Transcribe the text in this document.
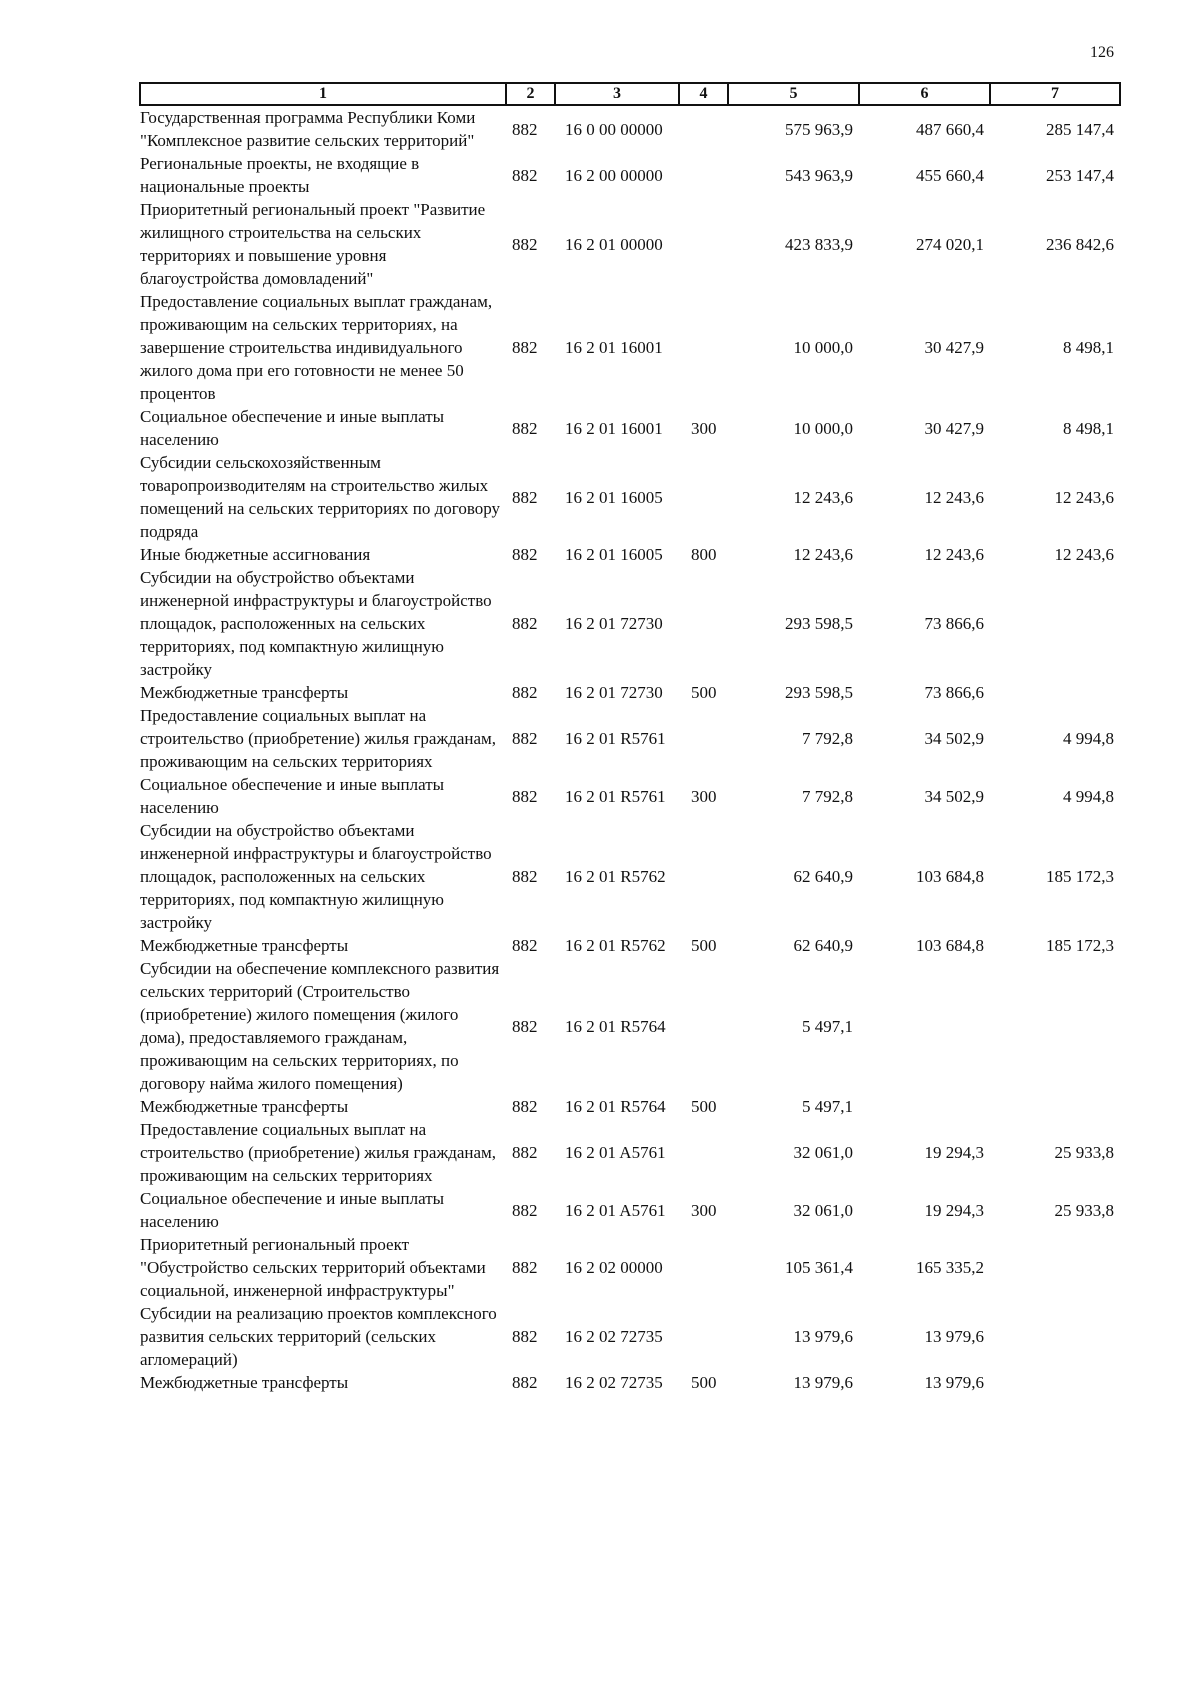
126
1	2	3	4	5	6	7
Государственная программа Республики Коми "Комплексное развитие сельских территорий"	882	16 0 00 00000		575 963,9	487 660,4	285 147,4
Региональные проекты, не входящие в национальные проекты	882	16 2 00 00000		543 963,9	455 660,4	253 147,4
Приоритетный региональный проект "Развитие жилищного строительства на сельских территориях и повышение уровня благоустройства домовладений"	882	16 2 01 00000		423 833,9	274 020,1	236 842,6
Предоставление социальных выплат гражданам, проживающим на сельских территориях, на завершение строительства индивидуального жилого дома при его готовности не менее 50 процентов	882	16 2 01 16001		10 000,0	30 427,9	8 498,1
Социальное обеспечение и иные выплаты населению	882	16 2 01 16001	300	10 000,0	30 427,9	8 498,1
Субсидии сельскохозяйственным товаропроизводителям на строительство жилых помещений на сельских территориях по договору подряда	882	16 2 01 16005		12 243,6	12 243,6	12 243,6
Иные бюджетные ассигнования	882	16 2 01 16005	800	12 243,6	12 243,6	12 243,6
Субсидии на обустройство объектами инженерной инфраструктуры и благоустройство площадок, расположенных на сельских территориях, под компактную жилищную застройку	882	16 2 01 72730		293 598,5	73 866,6	
Межбюджетные трансферты	882	16 2 01 72730	500	293 598,5	73 866,6	
Предоставление социальных выплат на строительство (приобретение) жилья гражданам, проживающим на сельских территориях	882	16 2 01 R5761		7 792,8	34 502,9	4 994,8
Социальное обеспечение и иные выплаты населению	882	16 2 01 R5761	300	7 792,8	34 502,9	4 994,8
Субсидии на обустройство объектами инженерной инфраструктуры и благоустройство площадок, расположенных на сельских территориях, под компактную жилищную застройку	882	16 2 01 R5762		62 640,9	103 684,8	185 172,3
Межбюджетные трансферты	882	16 2 01 R5762	500	62 640,9	103 684,8	185 172,3
Субсидии на обеспечение комплексного развития сельских территорий (Строительство (приобретение) жилого помещения (жилого дома), предоставляемого гражданам, проживающим на сельских территориях, по договору найма жилого помещения)	882	16 2 01 R5764		5 497,1		
Межбюджетные трансферты	882	16 2 01 R5764	500	5 497,1		
Предоставление социальных выплат на строительство (приобретение) жилья гражданам, проживающим на сельских территориях	882	16 2 01 A5761		32 061,0	19 294,3	25 933,8
Социальное обеспечение и иные выплаты населению	882	16 2 01 A5761	300	32 061,0	19 294,3	25 933,8
Приоритетный региональный проект "Обустройство сельских территорий объектами социальной, инженерной инфраструктуры"	882	16 2 02 00000		105 361,4	165 335,2	
Субсидии на реализацию проектов комплексного развития сельских территорий (сельских агломераций)	882	16 2 02 72735		13 979,6	13 979,6	
Межбюджетные трансферты	882	16 2 02 72735	500	13 979,6	13 979,6	
